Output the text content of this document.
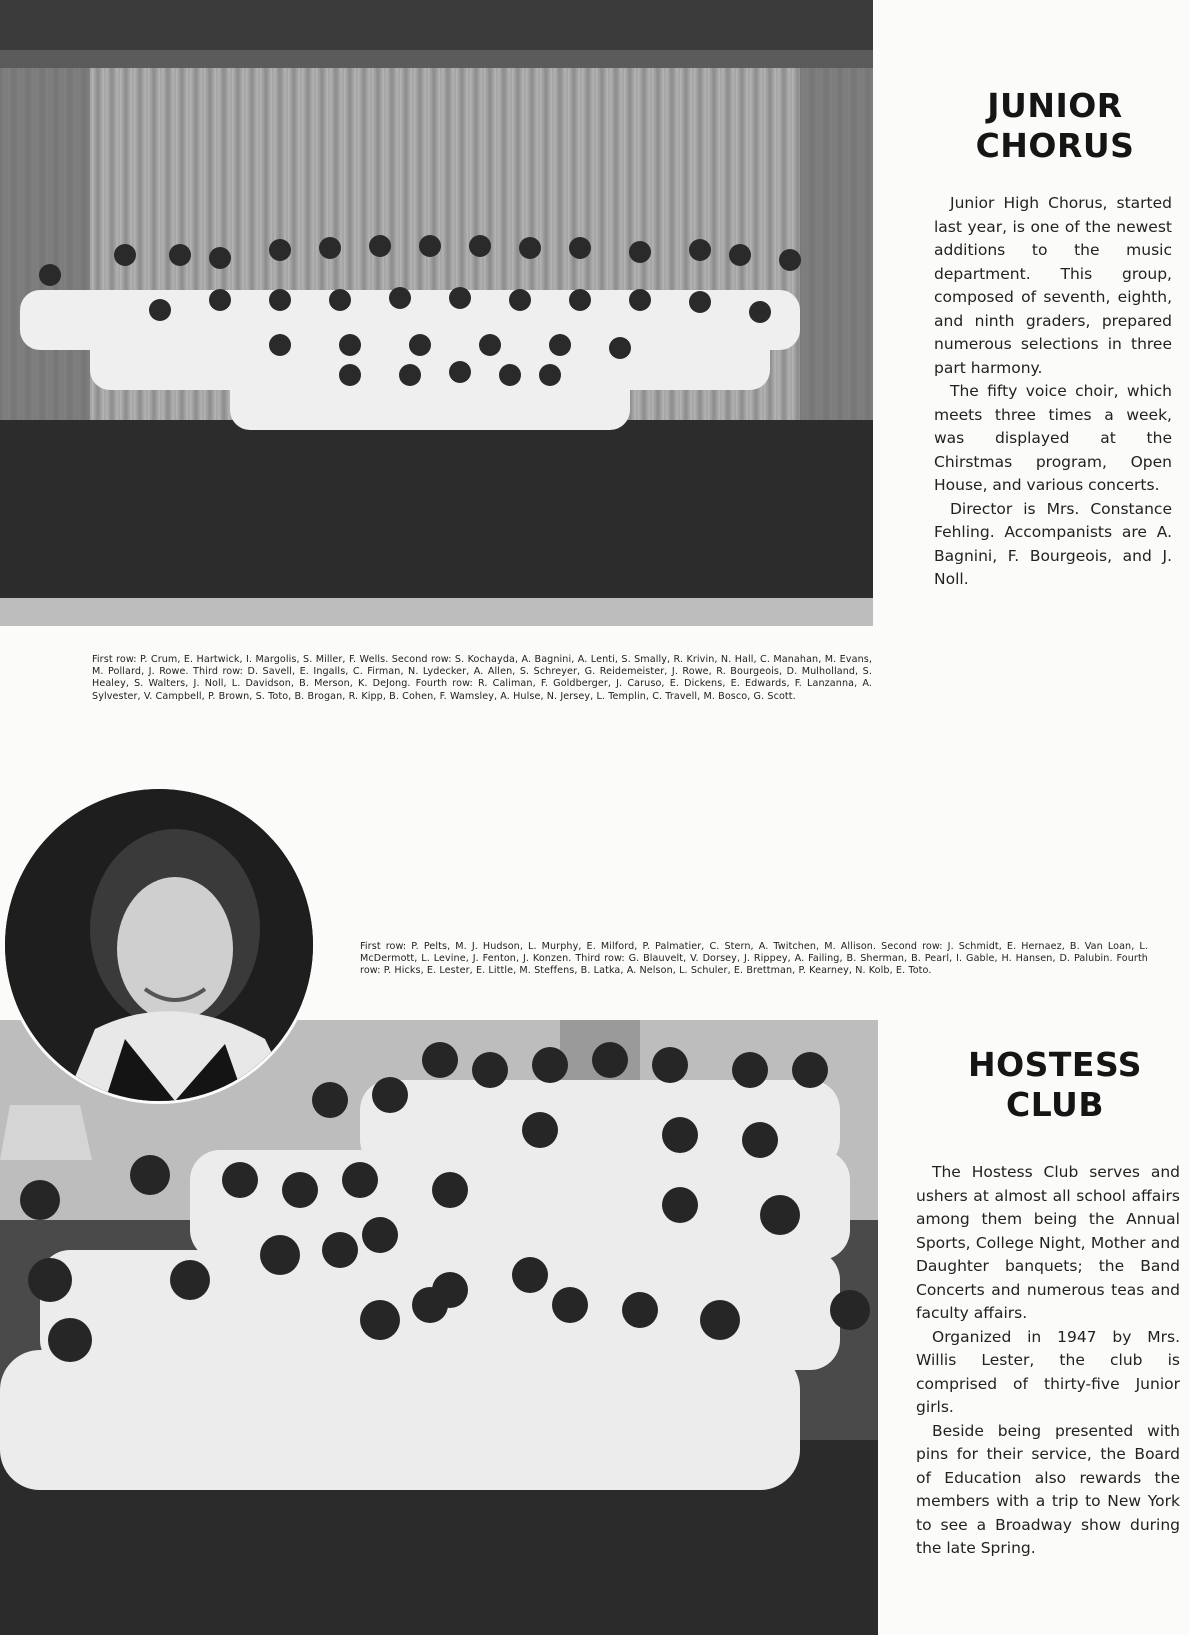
JUNIOR
CHORUS

Junior High Chorus, started last year, is one of the newest additions to the music department. This group, composed of seventh, eighth, and ninth graders, prepared numerous selections in three part harmony.

The fifty voice choir, which meets three times a week, was displayed at the Chirstmas program, Open House, and various concerts.

Director is Mrs. Constance Fehling. Accompanists are A. Bagnini, F. Bourgeois, and J. Noll.

First row: P. Crum, E. Hartwick, I. Margolis, S. Miller, F. Wells. Second row: S. Kochayda, A. Bagnini, A. Lenti, S. Smally, R. Krivin, N. Hall, C. Manahan, M. Evans, M. Pollard, J. Rowe. Third row: D. Savell, E. Ingalls, C. Firman, N. Lydecker, A. Allen, S. Schreyer, G. Reidemeister, J. Rowe, R. Bourgeois, D. Mulholland, S. Healey, S. Walters, J. Noll, L. Davidson, B. Merson, K. DeJong. Fourth row: R. Caliman, F. Goldberger, J. Caruso, E. Dickens, E. Edwards, F. Lanzanna, A. Sylvester, V. Campbell, P. Brown, S. Toto, B. Brogan, R. Kipp, B. Cohen, F. Wamsley, A. Hulse, N. Jersey, L. Templin, C. Travell, M. Bosco, G. Scott.
First row: P. Pelts, M. J. Hudson, L. Murphy, E. Milford, P. Palmatier, C. Stern, A. Twitchen, M. Allison. Second row: J. Schmidt, E. Hernaez, B. Van Loan, L. McDermott, L. Levine, J. Fenton, J. Konzen. Third row: G. Blauvelt, V. Dorsey, J. Rippey, A. Failing, B. Sherman, B. Pearl, I. Gable, H. Hansen, D. Palubin. Fourth row: P. Hicks, E. Lester, E. Little, M. Steffens, B. Latka, A. Nelson, L. Schuler, E. Brettman, P. Kearney, N. Kolb, E. Toto.
HOSTESS
CLUB

The Hostess Club serves and ushers at almost all school affairs among them being the Annual Sports, College Night, Mother and Daughter banquets; the Band Concerts and numerous teas and faculty affairs.

Organized in 1947 by Mrs. Willis Lester, the club is comprised of thirty-five Junior girls.

Beside being presented with pins for their service, the Board of Education also rewards the members with a trip to New York to see a Broadway show during the late Spring.
